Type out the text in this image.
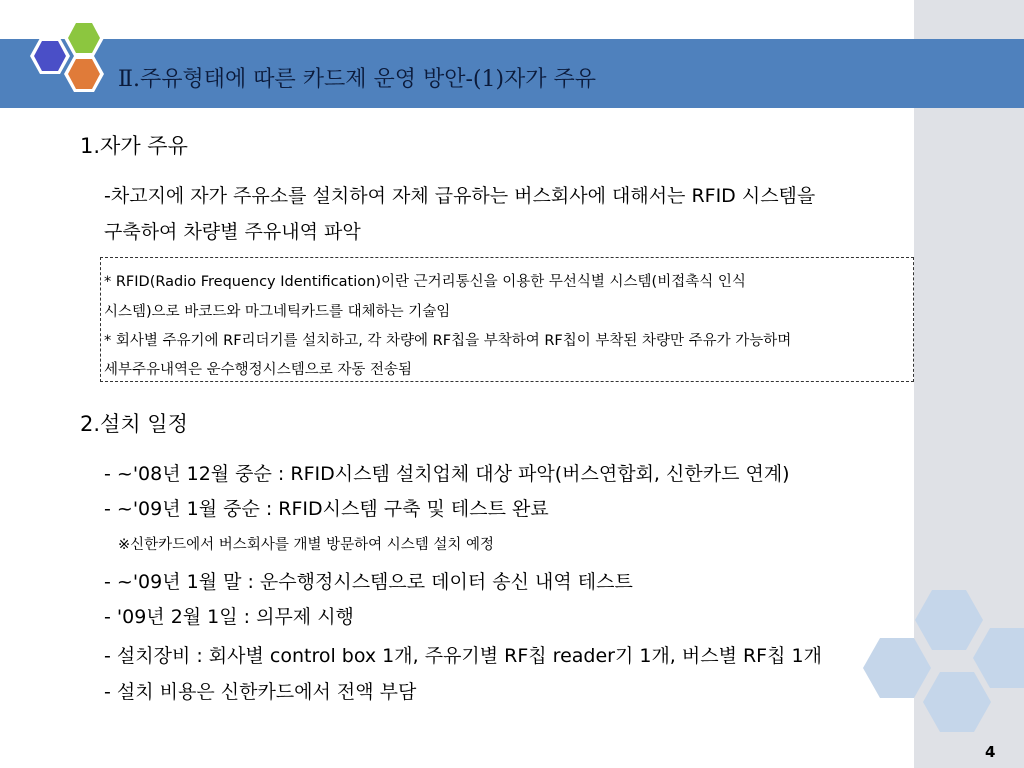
Ⅱ.주유형태에 따른 카드제 운영 방안-(1)자가 주유
1.자가 주유
-차고지에 자가 주유소를 설치하여 자체 급유하는 버스회사에 대해서는 RFID 시스템을
구축하여 차량별 주유내역 파악
* RFID(Radio Frequency Identification)이란 근거리통신을 이용한 무선식별 시스템(비접촉식 인식
시스템)으로 바코드와 마그네틱카드를 대체하는 기술임
* 회사별 주유기에 RF리더기를 설치하고, 각 차량에 RF칩을 부착하여 RF칩이 부착된 차량만 주유가 가능하며
세부주유내역은 운수행정시스템으로 자동 전송됨
2.설치 일정
- ~'08년 12월 중순 : RFID시스템 설치업체 대상 파악(버스연합회, 신한카드 연계)
- ~'09년 1월 중순 : RFID시스템 구축 및 테스트 완료
※신한카드에서 버스회사를 개별 방문하여 시스템 설치 예정
- ~'09년 1월 말 : 운수행정시스템으로 데이터 송신 내역 테스트
- '09년 2월 1일 : 의무제 시행
- 설치장비 : 회사별 control box 1개, 주유기별 RF칩 reader기 1개, 버스별 RF칩 1개
- 설치 비용은 신한카드에서 전액 부담
4
